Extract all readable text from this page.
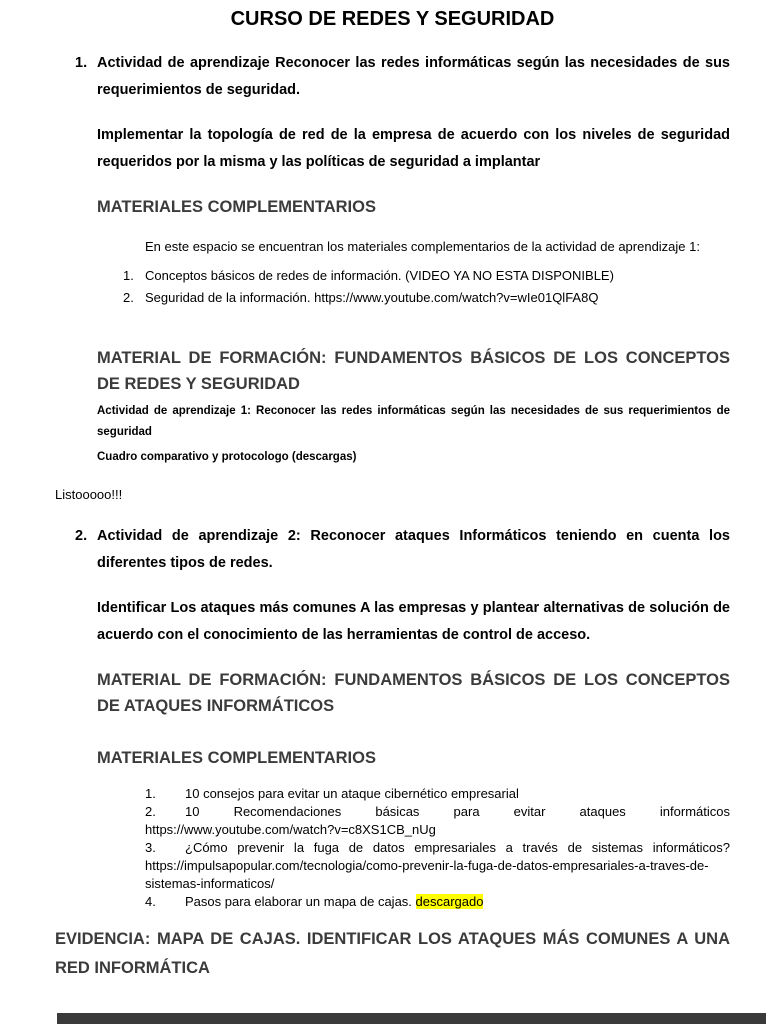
CURSO DE REDES Y SEGURIDAD
1. Actividad de aprendizaje Reconocer las redes informáticas según las necesidades de sus requerimientos de seguridad.

Implementar la topología de red de la empresa de acuerdo con los niveles de seguridad requeridos por la misma y las políticas de seguridad a implantar

MATERIALES COMPLEMENTARIOS

En este espacio se encuentran los materiales complementarios de la actividad de aprendizaje 1:

1. Conceptos básicos de redes de información. (VIDEO YA NO ESTA DISPONIBLE)
2. Seguridad de la información. https://www.youtube.com/watch?v=wIe01QlFA8Q
MATERIAL DE FORMACIÓN: FUNDAMENTOS BÁSICOS DE LOS CONCEPTOS DE REDES Y SEGURIDAD

Actividad de aprendizaje 1: Reconocer las redes informáticas según las necesidades de sus requerimientos de seguridad

Cuadro comparativo y protocologo (descargas)

Listooooo!!!

2. Actividad de aprendizaje 2: Reconocer ataques Informáticos teniendo en cuenta los diferentes tipos de redes.

Identificar Los ataques más comunes A las empresas y plantear alternativas de solución de acuerdo con el conocimiento de las herramientas de control de acceso.

MATERIAL DE FORMACIÓN: FUNDAMENTOS BÁSICOS DE LOS CONCEPTOS DE ATAQUES INFORMÁTICOS
MATERIALES COMPLEMENTARIOS
1. 10 consejos para evitar un ataque cibernético empresarial
2. 10 Recomendaciones básicas para evitar ataques informáticos https://www.youtube.com/watch?v=c8XS1CB_nUg
3. ¿Cómo prevenir la fuga de datos empresariales a través de sistemas informáticos? https://impulsapopular.com/tecnologia/como-prevenir-la-fuga-de-datos-empresariales-a-traves-de-sistemas-informaticos/
4. Pasos para elaborar un mapa de cajas. descargado
EVIDENCIA: MAPA DE CAJAS. IDENTIFICAR LOS ATAQUES MÁS COMUNES A UNA RED INFORMÁTICA
